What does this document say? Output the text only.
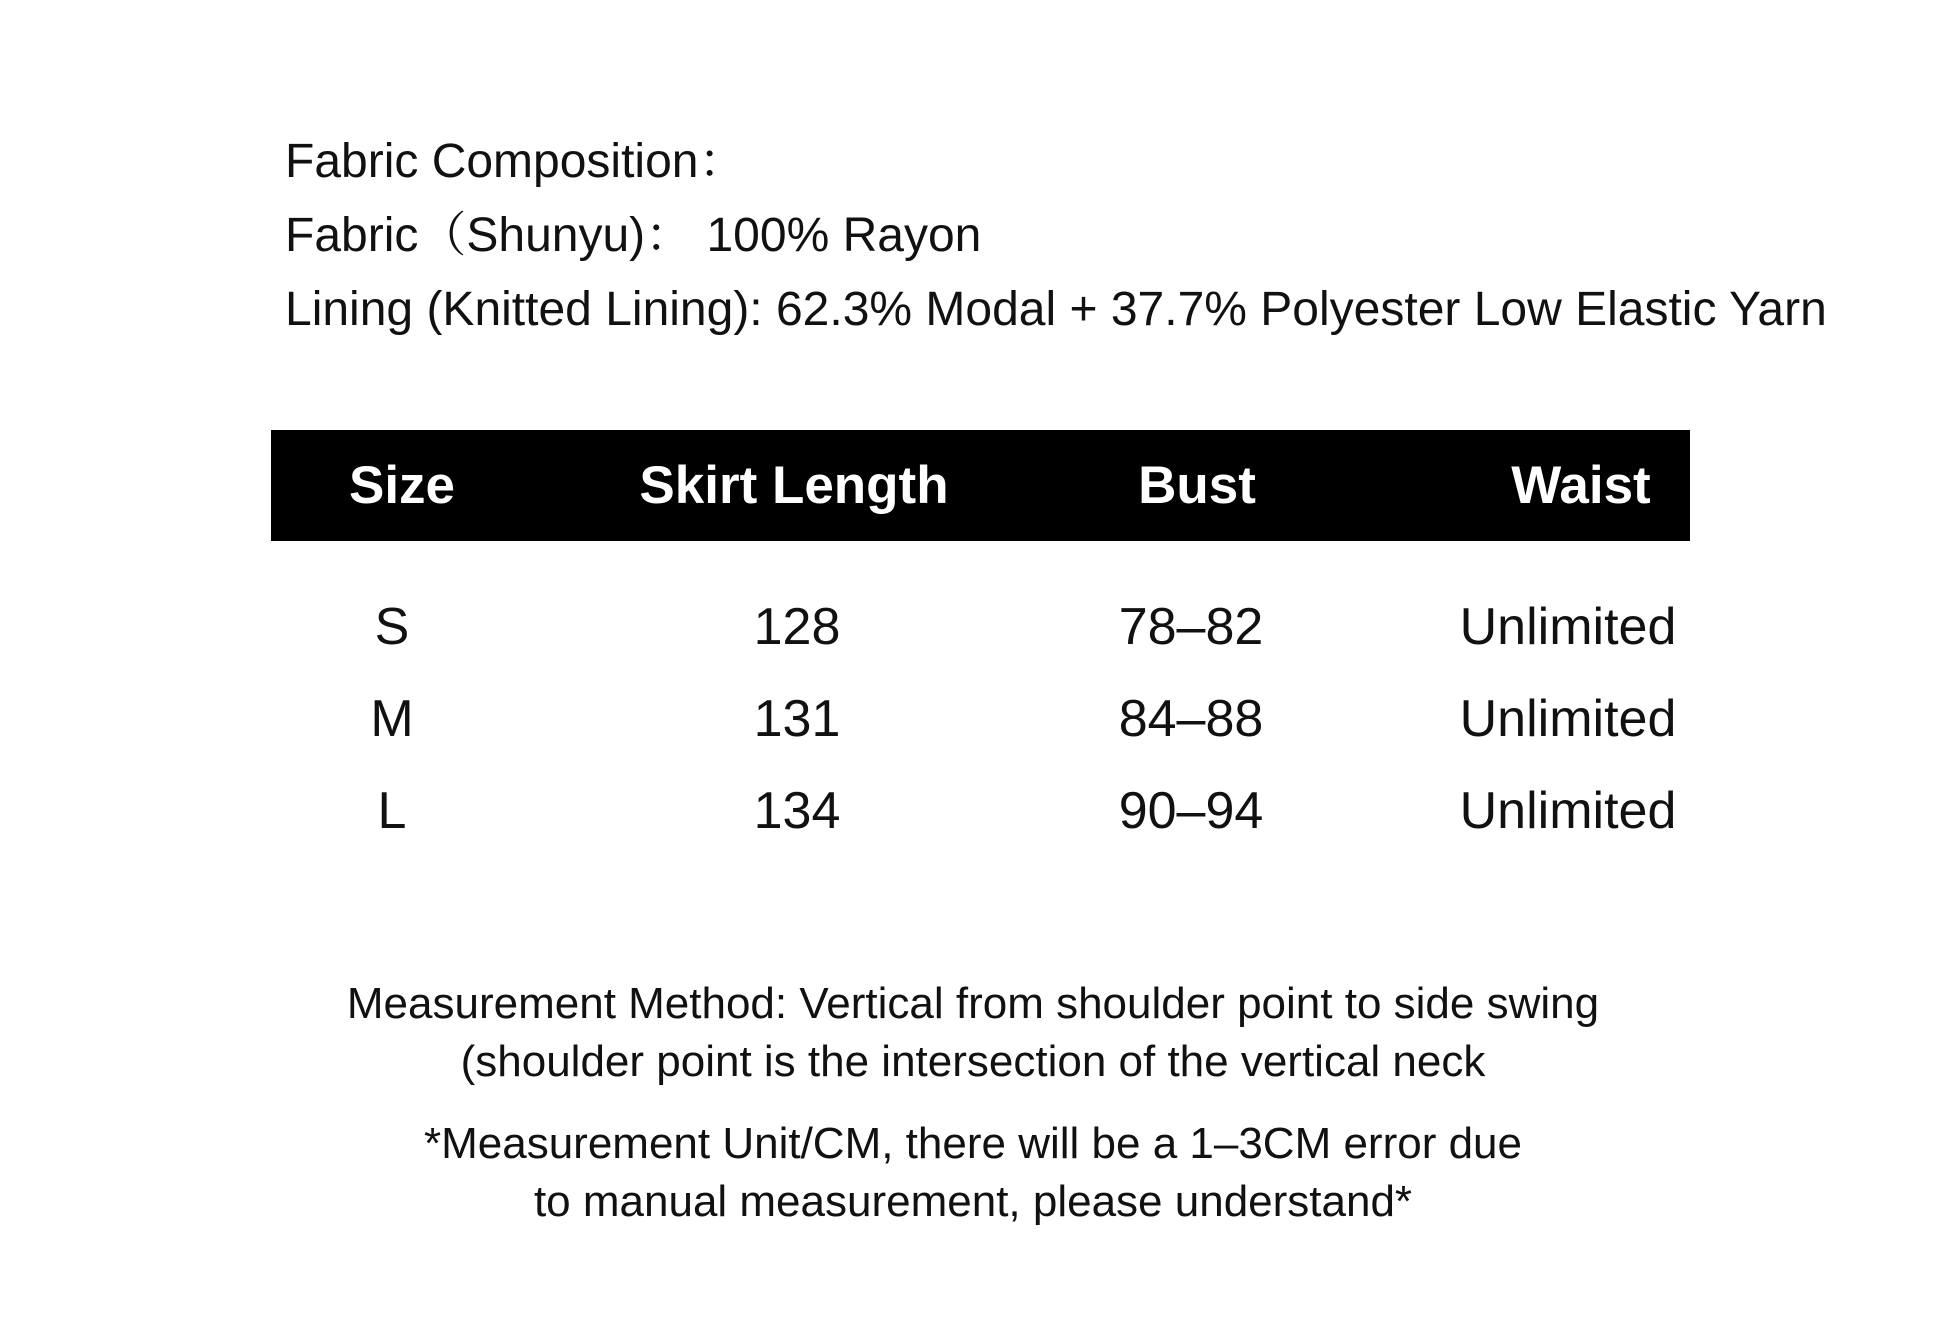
Fabric Composition：
Fabric（Shunyu)： 100% Rayon
Lining (Knitted Lining): 62.3% Modal + 37.7% Polyester Low Elastic Yarn
Size	Skirt Length	Bust	Waist
S	128	78–82	Unlimited
M	131	84–88	Unlimited
L	134	90–94	Unlimited
Measurement Method: Vertical from shoulder point to side swing
(shoulder point is the intersection of the vertical neck
*Measurement Unit/CM, there will be a 1–3CM error due
to manual measurement, please understand*
